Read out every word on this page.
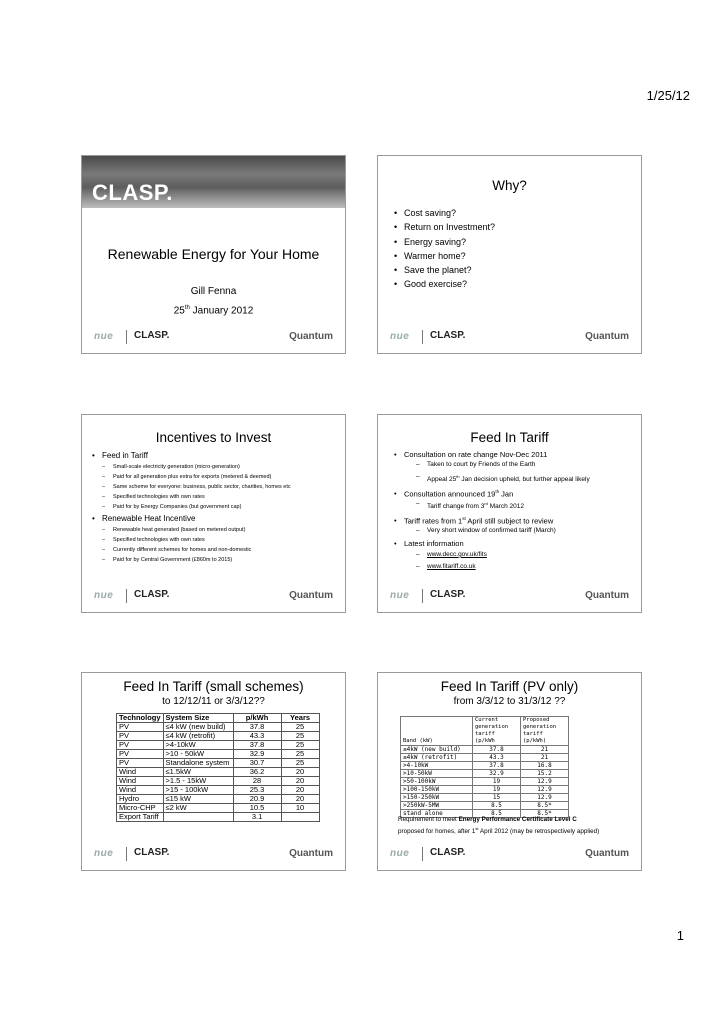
1/25/12
CLASP.
Renewable Energy for Your Home
Gill Fenna
25th January 2012
nue CLASP.	Quantum
Why?
• Cost saving?
• Return on Investment?
• Energy saving?
• Warmer home?
• Save the planet?
• Good exercise?
nue CLASP.	Quantum
Incentives to Invest
• Feed in Tariff
– Small-scale electricity generation (micro-generation)
– Paid for all generation plus extra for exports (metered & deemed)
– Same scheme for everyone: business, public sector, charities, homes etc
– Specified technologies with own rates
– Paid for by Energy Companies (but government cap)
• Renewable Heat Incentive
– Renewable heat generated (based on metered output)
– Specified technologies with own rates
– Currently different schemes for homes and non-domestic
– Paid for by Central Government (£860m to 2015)
nue CLASP.	Quantum
Feed In Tariff
• Consultation on rate change Nov-Dec 2011
– Taken to court by Friends of the Earth
– Appeal 25th Jan decision upheld, but further appeal likely
• Consultation announced 19th Jan
– Tariff change from 3rd March 2012
• Tariff rates from 1st April still subject to review
– Very short window of confirmed tariff (March)
• Latest information
– www.decc.gov.uk/fits
– www.fitariff.co.uk
nue CLASP.	Quantum
Feed In Tariff (small schemes)
to 12/12/11 or 3/3/12??
Technology	System Size	p/kWh	Years
PV	≤4 kW (new build)	37.8	25
PV	≤4 kW (retrofit)	43.3	25
PV	>4-10kW	37.8	25
PV	>10 - 50kW	32.9	25
PV	Standalone system	30.7	25
Wind	≤1.5kW	36.2	20
Wind	>1.5 - 15kW	28	20
Wind	>15 - 100kW	25.3	20
Hydro	≤15 kW	20.9	20
Micro-CHP	≤2 kW	10.5	10
Export Tariff		3.1	
nue CLASP.	Quantum
Feed In Tariff (PV only)
from 3/3/12 to 31/3/12 ??
Band (kW)	Current generation tariff (p/kWh	Proposed generation tariff (p/kWh)
≤4kW (new build)	37.8	21
≤4kW (retrofit)	43.3	21
>4-10kW	37.8	16.8
>10-50kW	32.9	15.2
>50-100kW	19	12.9
>100-150kW	19	12.9
>150-250kW	15	12.9
>250kW-5MW	8.5	8.5*
stand alone	8.5	8.5*
Requirement to meet Energy Performance Certificate Level C
proposed for homes, after 1st April 2012 (may be retrospectively applied)
nue CLASP.	Quantum
1
